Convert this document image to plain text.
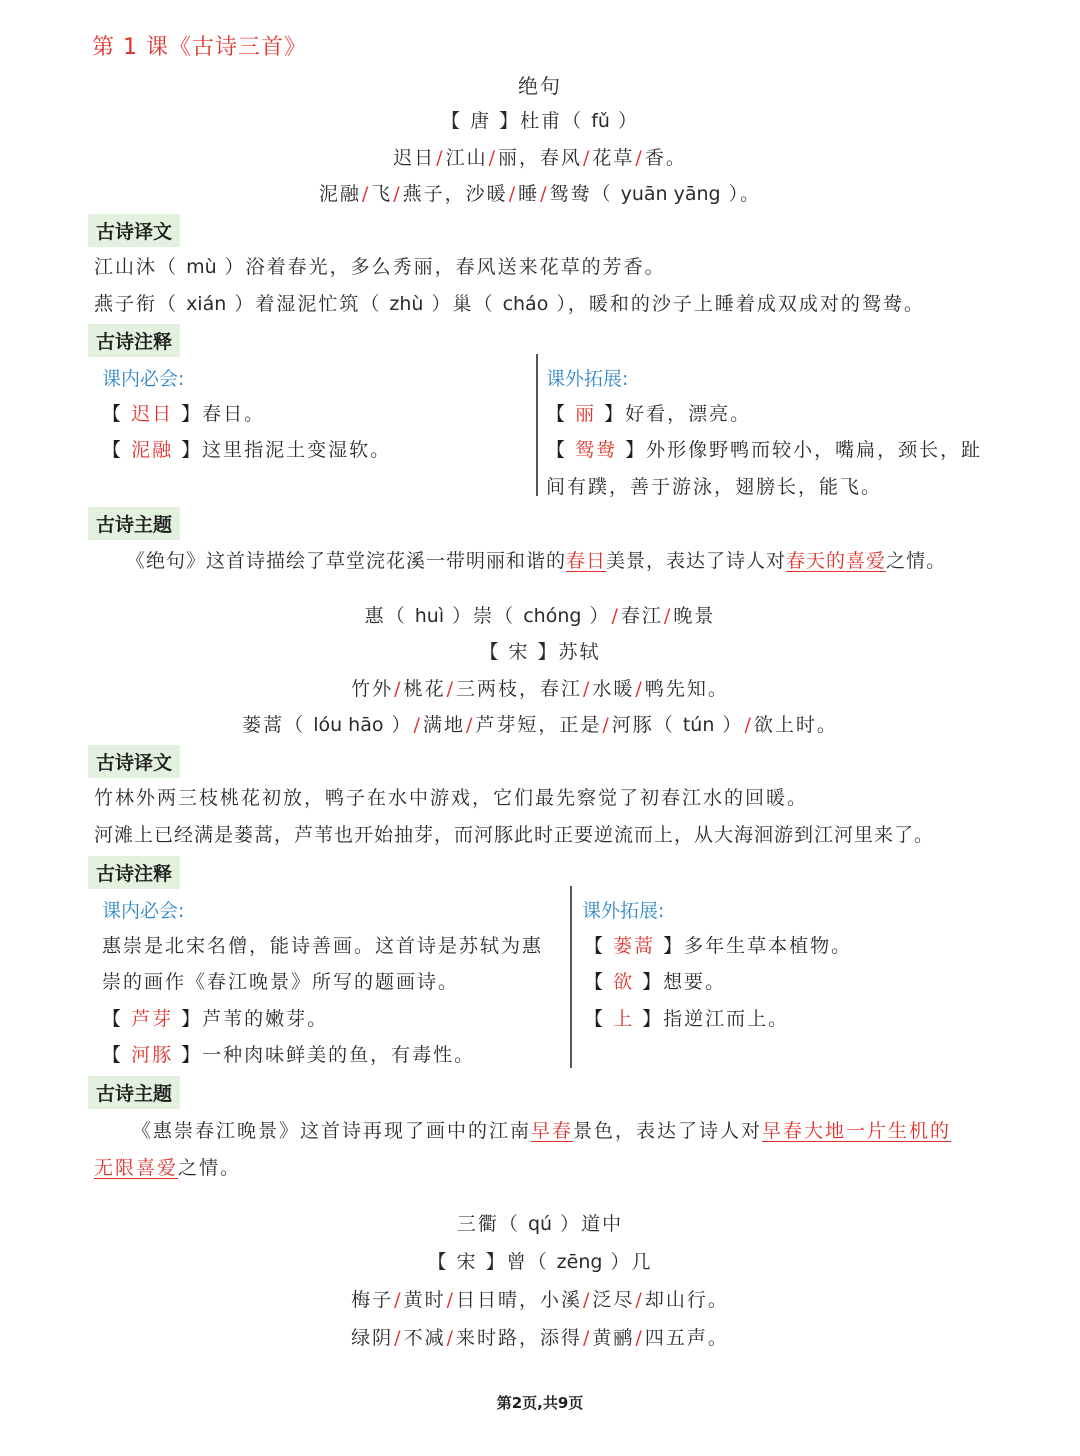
第 1 课《古诗三首》
绝句
【 唐 】杜甫（ fǔ ）
迟日/江山/丽，春风/花草/香。
泥融/飞/燕子，沙暖/睡/鸳鸯（ yuān yāng ）。
古诗译文
江山沐（ mù ）浴着春光，多么秀丽，春风送来花草的芳香。
燕子衔（ xián ）着湿泥忙筑（ zhù ）巢（ cháo ），暖和的沙子上睡着成双成对的鸳鸯。
古诗注释
课内必会:
【 迟日 】春日。
【 泥融 】这里指泥土变湿软。
课外拓展:
【 丽 】好看，漂亮。
【 鸳鸯 】外形像野鸭而较小，嘴扁，颈长，趾
间有蹼，善于游泳，翅膀长，能飞。
古诗主题
《绝句》这首诗描绘了草堂浣花溪一带明丽和谐的春日美景，表达了诗人对春天的喜爱之情。
惠（ huì ）崇（ chóng ）/春江/晚景
【 宋 】苏轼
竹外/桃花/三两枝，春江/水暖/鸭先知。
蒌蒿（ lóu hāo ）/满地/芦芽短，正是/河豚（ tún ）/欲上时。
古诗译文
竹林外两三枝桃花初放，鸭子在水中游戏，它们最先察觉了初春江水的回暖。
河滩上已经满是蒌蒿，芦苇也开始抽芽，而河豚此时正要逆流而上，从大海洄游到江河里来了。
古诗注释
课内必会:
惠崇是北宋名僧，能诗善画。这首诗是苏轼为惠
崇的画作《春江晚景》所写的题画诗。
【 芦芽 】芦苇的嫩芽。
【 河豚 】一种肉味鲜美的鱼，有毒性。
课外拓展:
【 蒌蒿 】多年生草本植物。
【 欲 】想要。
【 上 】指逆江而上。
古诗主题
《惠崇春江晚景》这首诗再现了画中的江南早春景色，表达了诗人对早春大地一片生机的
无限喜爱之情。
三衢（ qú ）道中
【 宋 】曾（ zēng ）几
梅子/黄时/日日晴，小溪/泛尽/却山行。
绿阴/不减/来时路，添得/黄鹂/四五声。
第2页,共9页
